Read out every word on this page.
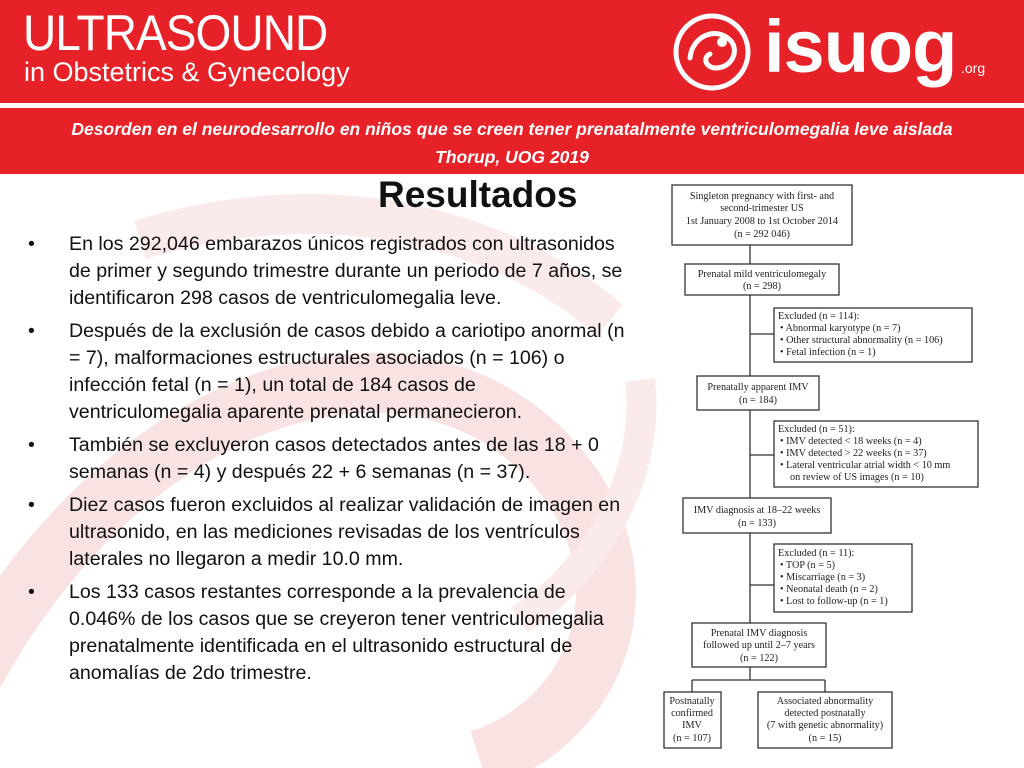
ULTRASOUND
in Obstetrics & Gynecology	isuog .org
Desorden en el neurodesarrollo en niños que se creen tener prenatalmente ventriculomegalia leve aislada
Thorup, UOG 2019
Resultados
• En los 292,046 embarazos únicos registrados con ultrasonidos de primer y segundo trimestre durante un periodo de 7 años, se identificaron 298 casos de ventriculomegalia leve.
• Después de la exclusión de casos debido a cariotipo anormal (n = 7), malformaciones estructurales asociados (n = 106) o infección fetal (n = 1), un total de 184 casos de ventriculomegalia aparente prenatal permanecieron.
• También se excluyeron casos detectados antes de las 18 + 0 semanas (n = 4) y después 22 + 6 semanas (n = 37).
• Diez casos fueron excluidos al realizar validación de imagen en ultrasonido, en las mediciones revisadas de los ventrículos laterales no llegaron a medir 10.0 mm.
• Los 133 casos restantes corresponde a la prevalencia de 0.046% de los casos que se creyeron tener ventriculomegalia prenatalmente identificada en el ultrasonido estructural de anomalías de 2do trimestre.
Singleton pregnancy with first- and
second-trimester US
1st January 2008 to 1st October 2014
(n = 292 046)
Prenatal mild ventriculomegaly
(n = 298)
Excluded (n = 114):
• Abnormal karyotype (n = 7)
• Other structural abnormality (n = 106)
• Fetal infection (n = 1)
Prenatally apparent IMV
(n = 184)
Excluded (n = 51):
• IMV detected < 18 weeks (n = 4)
• IMV detected > 22 weeks (n = 37)
• Lateral ventricular atrial width < 10 mm
on review of US images (n = 10)
IMV diagnosis at 18–22 weeks
(n = 133)
Excluded (n = 11):
• TOP (n = 5)
• Miscarriage (n = 3)
• Neonatal death (n = 2)
• Lost to follow-up (n = 1)
Prenatal IMV diagnosis
followed up until 2–7 years
(n = 122)
Postnatally
confirmed
IMV
(n = 107)
Associated abnormality
detected postnatally
(7 with genetic abnormality)
(n = 15)
